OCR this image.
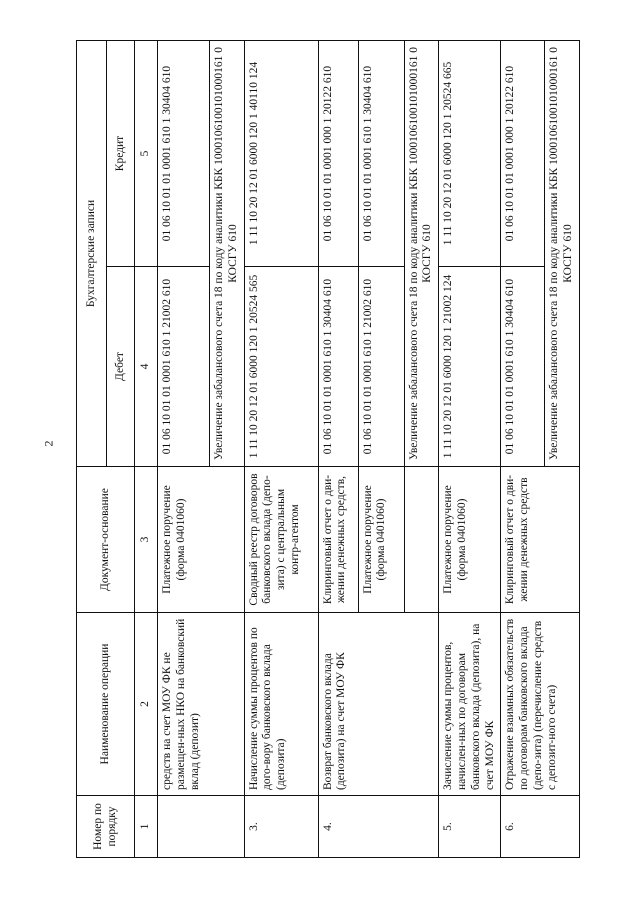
2
Номер по порядку	Наименование операции	Документ-основание	Бухгалтерские записи	
			Дебет	Кредит

1	2	3	4	5
	средств на счет МОУ ФК не размещен-ных НКО на банковский вклад (депозит)	Платежное поручение (форма 0401060)	01 06 10 01 01 0001 610 1 21002 610	01 06 10 01 01 0001 610 1 30404 610
			Увеличение забалансового счета 18 по коду аналитики КБК 1000106100101000161 0 КОСГУ 610	
3.	Начисление суммы процентов по дого-вору банковского вклада (депозита)	Сводный реестр договоров банковского вклада (депо-зита) с центральным контр-агентом	1 11 10 20 12 01 6000 120 1 20524 565	1 11 10 20 12 01 6000 120 1 40110 124
4.	Возврат банковского вклада (депозита) на счет МОУ ФК	Клиринговый отчет о дви-жении денежных средств,	01 06 10 01 01 0001 610 1 30404 610	01 06 10 01 01 0001 000 1 20122 610
		Платежное поручение (форма 0401060)	01 06 10 01 01 0001 610 1 21002 610	01 06 10 01 01 0001 610 1 30404 610
			Увеличение забалансового счета 18 по коду аналитики КБК 1000106100101000161 0 КОСГУ 610	
5.	Зачисление суммы процентов, начислен-ных по договорам банковского вклада (депозита), на счет МОУ ФК	Платежное поручение (форма 0401060)	1 11 10 20 12 01 6000 120 1 21002 124	1 11 10 20 12 01 6000 120 1 20524 665
6.	Отражение взаимных обязательств по договорам банковского вклада (депо-зита) (перечисление средств с депозит-ного счета)	Клиринговый отчет о дви-жении денежных средств	01 06 10 01 01 0001 610 1 30404 610	01 06 10 01 01 0001 000 1 20122 610
			Увеличение забалансового счета 18 по коду аналитики КБК 1000106100101000161 0 КОСГУ 610	
